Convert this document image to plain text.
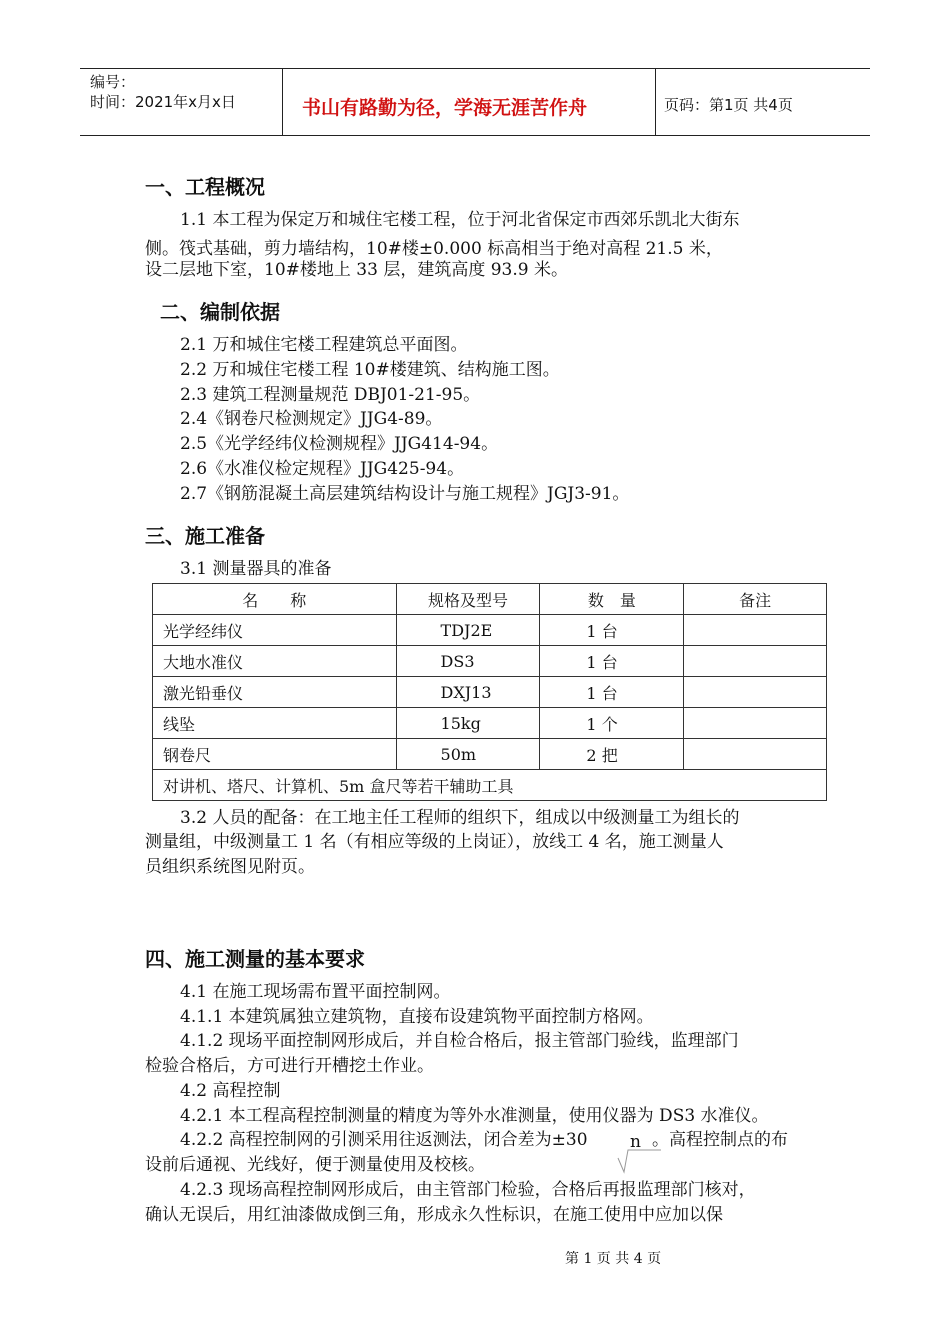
编号：
时间：2021年x月x日	书山有路勤为径，学海无涯苦作舟	页码：第1页 共4页
一、工程概况
1.1 本工程为保定万和城住宅楼工程，位于河北省保定市西郊乐凯北大街东
侧。筏式基础，剪力墙结构，10#楼±0.000 标高相当于绝对高程 21.5 米，
设二层地下室，10#楼地上 33 层，建筑高度 93.9 米。
二、编制依据
2.1 万和城住宅楼工程建筑总平面图。
2.2 万和城住宅楼工程 10#楼建筑、结构施工图。
2.3 建筑工程测量规范 DBJ01-21-95。
2.4《钢卷尺检测规定》JJG4-89。
2.5《光学经纬仪检测规程》JJG414-94。
2.6《水准仪检定规程》JJG425-94。
2.7《钢筋混凝土高层建筑结构设计与施工规程》JGJ3-91。
三、施工准备
3.1 测量器具的准备
名　　称	规格及型号	数　量	备注
光学经纬仪	TDJ2E	1 台	
大地水准仪	DS3	1 台	
激光铅垂仪	DXJ13	1 台	
线坠	15kg	1 个	
钢卷尺	50m	2 把	
对讲机、塔尺、计算机、5m 盒尺等若干辅助工具			
3.2 人员的配备：在工地主任工程师的组织下，组成以中级测量工为组长的
测量组，中级测量工 1 名（有相应等级的上岗证），放线工 4 名，施工测量人
员组织系统图见附页。
四、施工测量的基本要求
4.1 在施工现场需布置平面控制网。
4.1.1 本建筑属独立建筑物，直接布设建筑物平面控制方格网。
4.1.2 现场平面控制网形成后，并自检合格后，报主管部门验线，监理部门
检验合格后，方可进行开槽挖土作业。
4.2 高程控制
4.2.1 本工程高程控制测量的精度为等外水准测量，使用仪器为 DS3 水准仪。
4.2.2 高程控制网的引测采用往返测法，闭合差为±30 n 。高程控制点的布
设前后通视、光线好，便于测量使用及校核。
4.2.3 现场高程控制网形成后，由主管部门检验，合格后再报监理部门核对，
确认无误后，用红油漆做成倒三角，形成永久性标识，在施工使用中应加以保
第 1 页 共 4 页
